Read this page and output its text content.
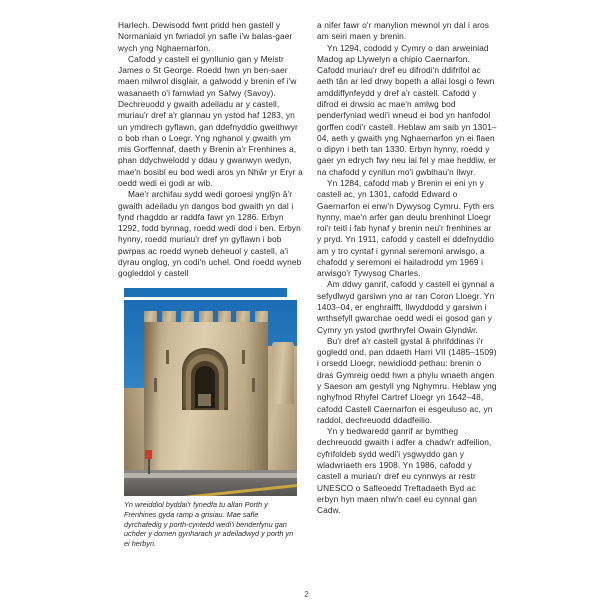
Harlech. Dewisodd fwnt pridd hen gastell y Normaniaid yn fwriadol yn safle i'w balas-gaer wych yng Nghaernarfon.

Cafodd y castell ei gynllunio gan y Meistr James o St George. Roedd hwn yn ben-saer maen milwrol disglair, a galwodd y brenin ef i'w wasanaeth o'i famwlad yn Safwy (Savoy). Dechreuodd y gwaith adeiladu ar y castell, muriau'r dref a'r glannau yn ystod haf 1283, yn un ymdrech gyflawn, gan ddefnyddio gweithwyr o bob rhan o Loegr. Yng nghanol y gwaith ym mis Gorffennaf, daeth y Brenin a'r Frenhines a, phan ddychwelodd y ddau y gwanwyn wedyn, mae'n bosibl eu bod wedi aros yn Nhŵr yr Eryr a oedd wedi ei godi ar wib.

Mae'r archifau sydd wedi goroesi ynglŷn â'r gwaith adeiladu yn dangos bod gwaith yn dal i fynd rhagddo ar raddfa fawr yn 1286. Erbyn 1292, fodd bynnag, roedd wedi dod i ben. Erbyn hynny, roedd muriau'r dref yn gyflawn i bob pwrpas ac roedd wyneb deheuol y castell, a'i dyrau onglog, yn codi'n uchel. Ond roedd wyneb gogleddol y castell

Yn wreiddiol byddai'r fynedfa tu allan Porth y Frenhines gyda ramp a grisiau. Mae safle dyrchafedig y porth-cyntedd wedi'i benderfynu gan uchder y domen gynharach yr adeiladwyd y porth yn ei herbyn.

a nifer fawr o'r manylion mewnol yn dal i aros am seiri maen y brenin.

Yn 1294, cododd y Cymry o dan arweiniad Madog ap Llywelyn a chipio Caernarfon. Cafodd muriau'r dref eu difrodi'n ddifrifol ac aeth tân ar led drwy bopeth a allai losgi o fewn amddiffynfeydd y dref a'r castell. Cafodd y difrod ei drwsio ac mae'n amlwg bod penderfyniad wedi'i wneud ei bod yn hanfodol gorffen codi'r castell. Heblaw am saib yn 1301–04, aeth y gwaith yng Nghaernarfon yn ei flaen o dipyn i beth tan 1330. Erbyn hynny, roedd y gaer yn edrych fwy neu lai fel y mae heddiw, er na chafodd y cynllun mo'i gwblhau'n llwyr.

Yn 1284, cafodd mab y Brenin ei eni yn y castell ac, yn 1301, cafodd Edward o Gaernarfon ei enw'n Dywysog Cymru. Fyth ers hynny, mae'n arfer gan deulu brenhinol Lloegr roi'r teitl i fab hynaf y brenin neu'r frenhines ar y pryd. Yn 1911, cafodd y castell ei ddefnyddio am y tro cyntaf i gynnal seremoni arwisgo, a chafodd y seremoni ei hailadrodd ym 1969 i arwisgo'r Tywysog Charles.

Am ddwy ganrif, cafodd y castell ei gynnal a sefydlwyd garsiwn yno ar ran Coron Lloegr. Yn 1403–04, er enghraifft, llwyddodd y garsiwn i wrthsefyll gwarchae oedd wedi ei gosod gan y Cymry yn ystod gwrthryfel Owain Glyndŵr.

Bu'r dref a'r castell gystal â phrifddinas i'r gogledd ond, pan ddaeth Harri VII (1485–1509) i orsedd Lloegr, newidiodd pethau: brenin o dras Gymreig oedd hwn a phylu wnaeth angen y Saeson am gestyll yng Nghymru. Heblaw yng nghyfnod Rhyfel Cartref Lloegr yn 1642–48, cafodd Castell Caernarfon ei esgeuluso ac, yn raddol, dechreuodd ddadfeilio.

Yn y bedwaredd ganrif ar bymtheg dechreuodd gwaith i adfer a chadw'r adfeilion, cyfrifoldeb sydd wedi'i ysgwyddo gan y wladwriaeth ers 1908. Yn 1986, cafodd y castell a muriau'r dref eu cynnwys ar restr UNESCO o Safleoedd Treftadaeth Byd ac erbyn hyn maen nhw'n cael eu cynnal gan Cadw.

2
